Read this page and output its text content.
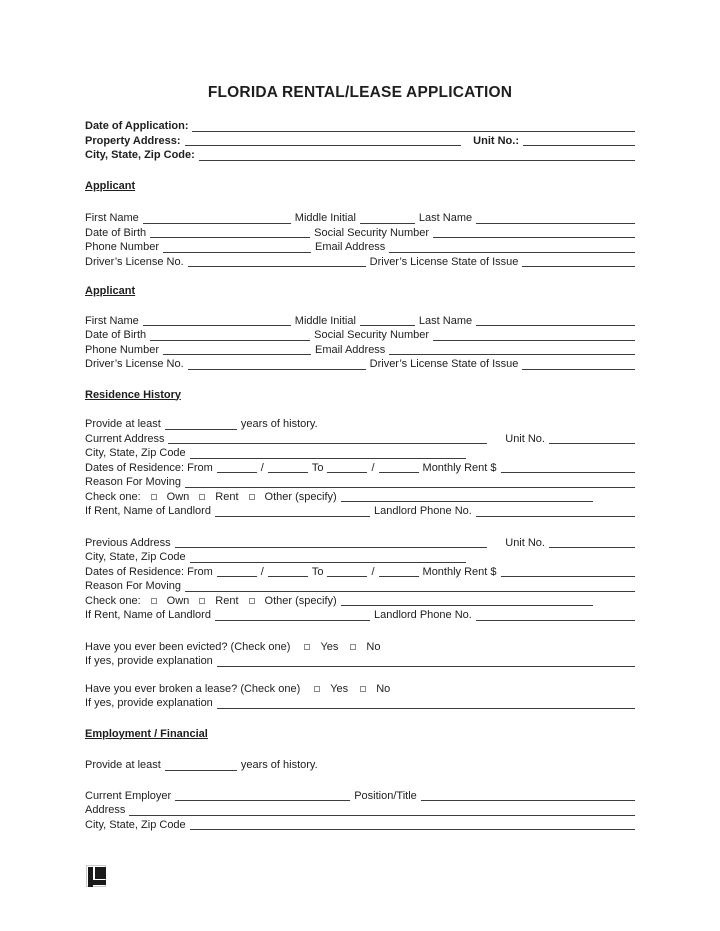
FLORIDA RENTAL/LEASE APPLICATION
Date of Application:
Property Address:	Unit No.:
City, State, Zip Code:
Applicant
First Name	Middle Initial	Last Name
Date of Birth	Social Security Number
Phone Number	Email Address
Driver’s License No.	Driver’s License State of Issue
Applicant
First Name	Middle Initial	Last Name
Date of Birth	Social Security Number
Phone Number	Email Address
Driver’s License No.	Driver’s License State of Issue
Residence History
Provide at least	years of history.
Current Address	Unit No.
City, State, Zip Code
Dates of Residence: From	/	To	/	Monthly Rent $
Reason For Moving
Check one: Own Rent Other (specify)
If Rent, Name of Landlord	Landlord Phone No.
Previous Address	Unit No.
City, State, Zip Code
Dates of Residence: From	/	To	/	Monthly Rent $
Reason For Moving
Check one: Own Rent Other (specify)
If Rent, Name of Landlord	Landlord Phone No.
Have you ever been evicted? (Check one)	Yes	No
If yes, provide explanation
Have you ever broken a lease? (Check one)	Yes	No
If yes, provide explanation
Employment / Financial
Provide at least	years of history.
Current Employer	Position/Title
Address
City, State, Zip Code
